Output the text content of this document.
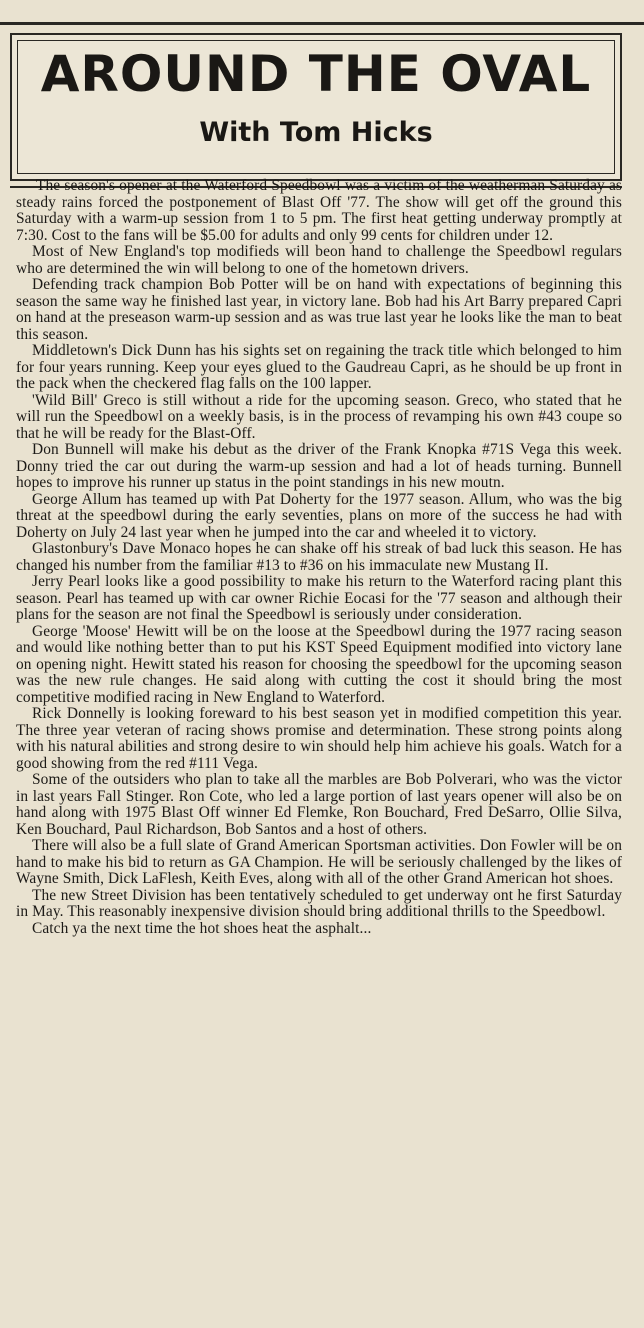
AROUND THE OVAL
With Tom Hicks

The season's opener at the Waterford Speedbowl was a victim of the weatherman Saturday as steady rains forced the postponement of Blast Off '77. The show will get off the ground this Saturday with a warm-up session from 1 to 5 pm. The first heat getting underway promptly at 7:30. Cost to the fans will be $5.00 for adults and only 99 cents for children under 12.

Most of New England's top modifieds will beon hand to challenge the Speedbowl regulars who are determined the win will belong to one of the hometown drivers.

Defending track champion Bob Potter will be on hand with expectations of beginning this season the same way he finished last year, in victory lane. Bob had his Art Barry prepared Capri on hand at the preseason warm-up session and as was true last year he looks like the man to beat this season.

Middletown's Dick Dunn has his sights set on regaining the track title which belonged to him for four years running. Keep your eyes glued to the Gaudreau Capri, as he should be up front in the pack when the checkered flag falls on the 100 lapper.

'Wild Bill' Greco is still without a ride for the upcoming season. Greco, who stated that he will run the Speedbowl on a weekly basis, is in the process of revamping his own #43 coupe so that he will be ready for the Blast-Off.

Don Bunnell will make his debut as the driver of the Frank Knopka #71S Vega this week. Donny tried the car out during the warm-up session and had a lot of heads turning. Bunnell hopes to improve his runner up status in the point standings in his new moutn.

George Allum has teamed up with Pat Doherty for the 1977 season. Allum, who was the big threat at the speedbowl during the early seventies, plans on more of the success he had with Doherty on July 24 last year when he jumped into the car and wheeled it to victory.

Glastonbury's Dave Monaco hopes he can shake off his streak of bad luck this season. He has changed his number from the familiar #13 to #36 on his immaculate new Mustang II.

Jerry Pearl looks like a good possibility to make his return to the Waterford racing plant this season. Pearl has teamed up with car owner Richie Eocasi for the '77 season and although their plans for the season are not final the Speedbowl is seriously under consideration.

George 'Moose' Hewitt will be on the loose at the Speedbowl during the 1977 racing season and would like nothing better than to put his KST Speed Equipment modified into victory lane on opening night. Hewitt stated his reason for choosing the speedbowl for the upcoming season was the new rule changes. He said along with cutting the cost it should bring the most competitive modified racing in New England to Waterford.

Rick Donnelly is looking foreward to his best season yet in modified competition this year. The three year veteran of racing shows promise and determination. These strong points along with his natural abilities and strong desire to win should help him achieve his goals. Watch for a good showing from the red #111 Vega.

Some of the outsiders who plan to take all the marbles are Bob Polverari, who was the victor in last years Fall Stinger. Ron Cote, who led a large portion of last years opener will also be on hand along with 1975 Blast Off winner Ed Flemke, Ron Bouchard, Fred DeSarro, Ollie Silva, Ken Bouchard, Paul Richardson, Bob Santos and a host of others.

There will also be a full slate of Grand American Sportsman activities. Don Fowler will be on hand to make his bid to return as GA Champion. He will be seriously challenged by the likes of Wayne Smith, Dick LaFlesh, Keith Eves, along with all of the other Grand American hot shoes.

The new Street Division has been tentatively scheduled to get underway ont he first Saturday in May. This reasonably inexpensive division should bring additional thrills to the Speedbowl.

Catch ya the next time the hot shoes heat the asphalt...
